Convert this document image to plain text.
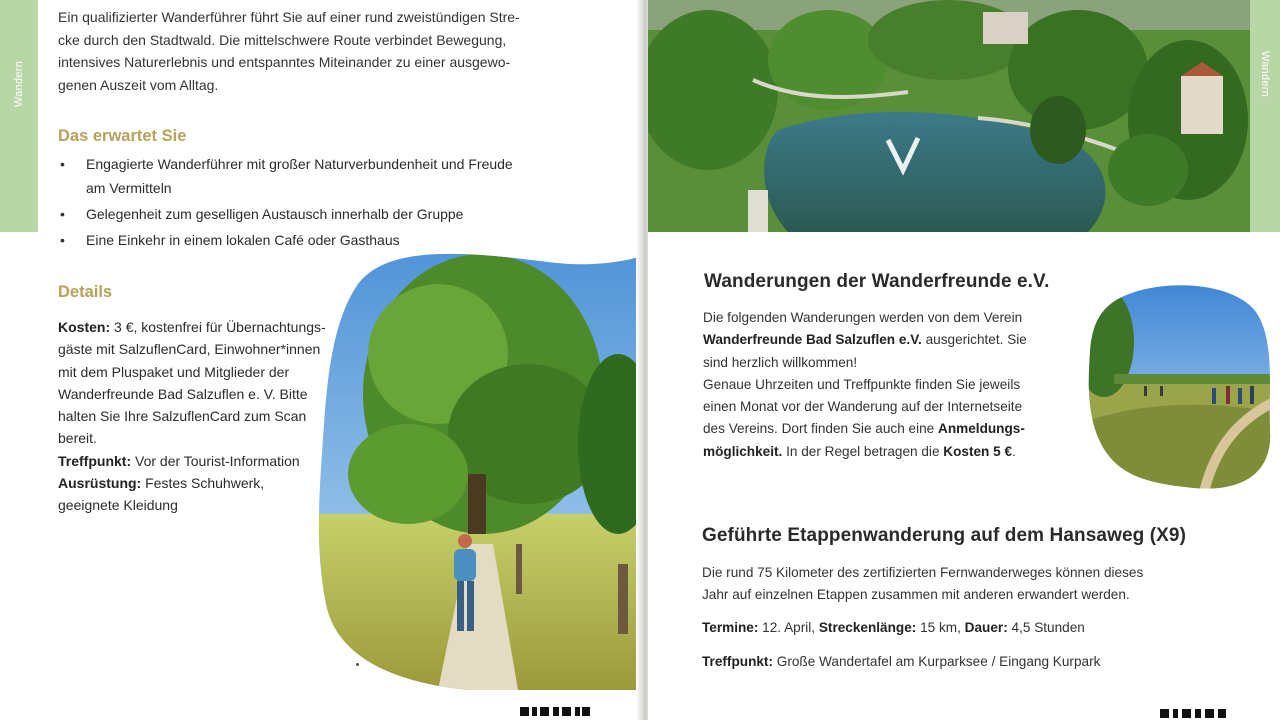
Wandern
Ein qualifizierter Wanderführer führt Sie auf einer rund zweistündigen Stre-
cke durch den Stadtwald. Die mittelschwere Route verbindet Bewegung,
intensives Naturerlebnis und entspanntes Miteinander zu einer ausgewo-
genen Auszeit vom Alltag.
Das erwartet Sie
• Engagierte Wanderführer mit großer Naturverbundenheit und Freude
am Vermitteln
• Gelegenheit zum geselligen Austausch innerhalb der Gruppe
• Eine Einkehr in einem lokalen Café oder Gasthaus
Details
Kosten: 3 €, kostenfrei für Übernachtungs-
gäste mit SalzuflenCard, Einwohner*innen
mit dem Pluspaket und Mitglieder der
Wanderfreunde Bad Salzuflen e. V. Bitte
halten Sie Ihre SalzuflenCard zum Scan
bereit.
Treffpunkt: Vor der Tourist-Information
Ausrüstung: Festes Schuhwerk,
geeignete Kleidung
Wandern
Wanderungen der Wanderfreunde e.V.
Die folgenden Wanderungen werden von dem Verein
Wanderfreunde Bad Salzuflen e.V. ausgerichtet. Sie
sind herzlich willkommen!
Genaue Uhrzeiten und Treffpunkte finden Sie jeweils
einen Monat vor der Wanderung auf der Internetseite
des Vereins. Dort finden Sie auch eine Anmeldungs-
möglichkeit. In der Regel betragen die Kosten 5 €.
Geführte Etappenwanderung auf dem Hansaweg (X9)
Die rund 75 Kilometer des zertifizierten Fernwanderweges können dieses
Jahr auf einzelnen Etappen zusammen mit anderen erwandert werden.
Termine: 12. April, Streckenlänge: 15 km, Dauer: 4,5 Stunden
Treffpunkt: Große Wandertafel am Kurparksee / Eingang Kurpark
